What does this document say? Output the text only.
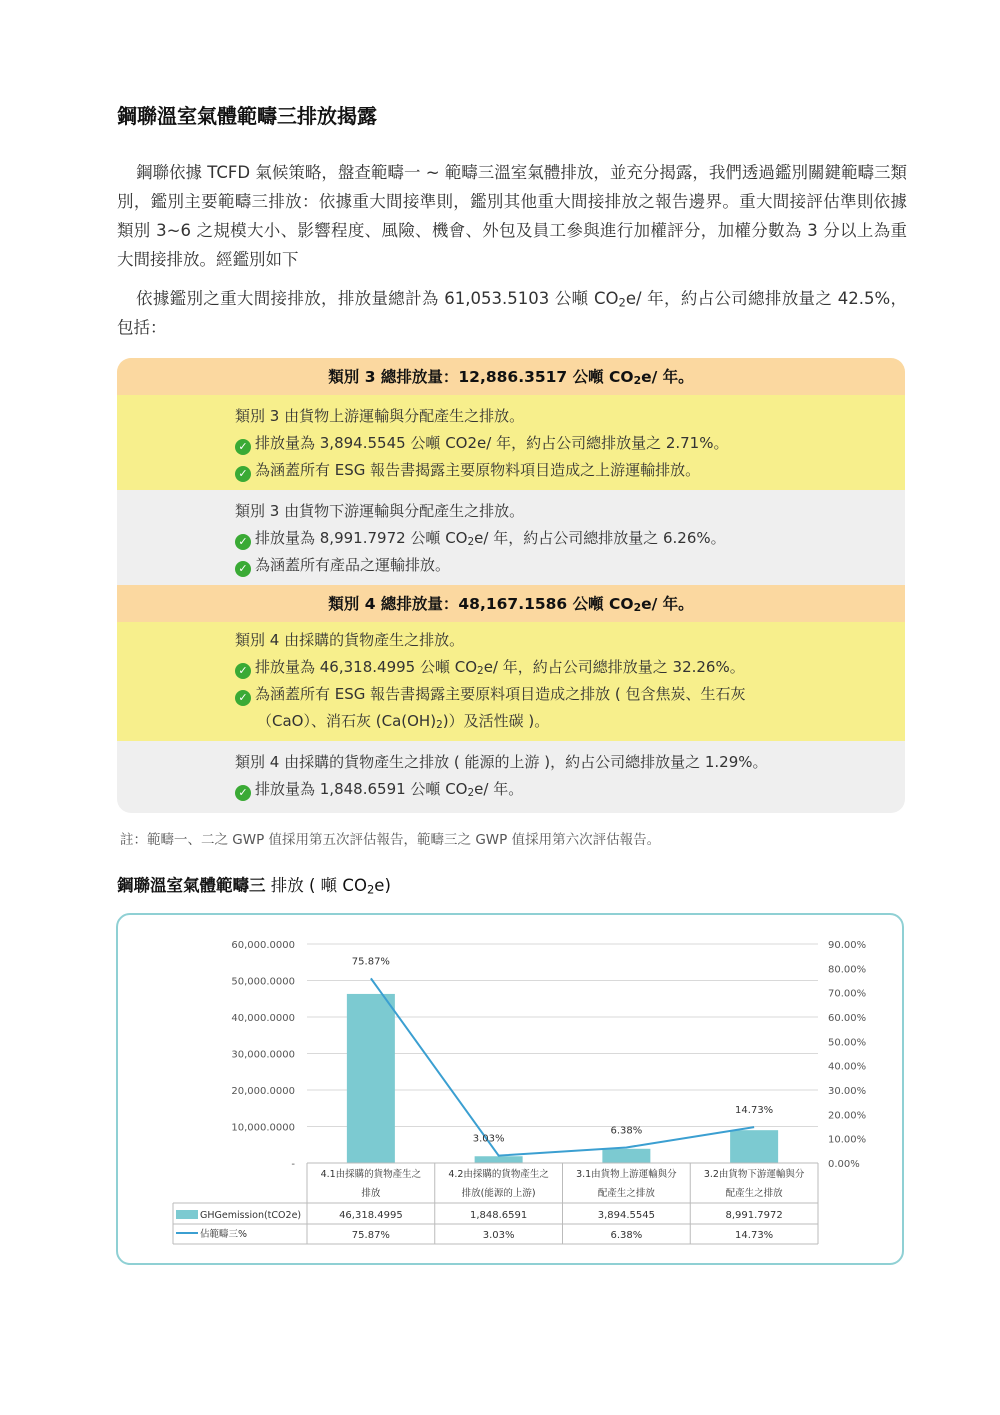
鋼聯溫室氣體範疇三排放揭露
鋼聯依據 TCFD 氣候策略，盤查範疇一 ~ 範疇三溫室氣體排放，並充分揭露，我們透過鑑別關鍵範疇三類別，鑑別主要範疇三排放：依據重大間接準則，鑑別其他重大間接排放之報告邊界。重大間接評估準則依據類別 3~6 之規模大小、影響程度、風險、機會、外包及員工參與進行加權評分，加權分數為 3 分以上為重大間接排放。經鑑別如下
依據鑑別之重大間接排放，排放量總計為 61,053.5103 公噸 $CO_2e/$ 年，約占公司總排放量之 42.5%，包括：
類別 3 總排放量：12,886.3517 公噸 $CO_2e/$ 年。
類別 3 由貨物上游運輸與分配產生之排放。
✓ 排放量為 3,894.5545 公噸 CO2e/ 年，約占公司總排放量之 2.71%。
✓ 為涵蓋所有 ESG 報告書揭露主要原物料項目造成之上游運輸排放。
類別 3 由貨物下游運輸與分配產生之排放。
✓ 排放量為 8,991.7972 公噸 $CO_2e/$ 年，約占公司總排放量之 6.26%。
✓ 為涵蓋所有產品之運輸排放。
類別 4 總排放量：48,167.1586 公噸 $CO_2e/$ 年。
類別 4 由採購的貨物產生之排放。
✓ 排放量為 46,318.4995 公噸 $CO_2e/$ 年，約占公司總排放量之 32.26%。
✓ 為涵蓋所有 ESG 報告書揭露主要原料項目造成之排放 ( 包含焦炭、生石灰
（CaO）、消石灰 $(Ca(OH)_2)$）及活性碳 )。
類別 4 由採購的貨物產生之排放 ( 能源的上游 )，約占公司總排放量之 1.29%。
✓ 排放量為 1,848.6591 公噸 $CO_2e/$ 年。
註：範疇一、二之 GWP 值採用第五次評估報告，範疇三之 GWP 值採用第六次評估報告。
鋼聯溫室氣體範疇三 排放 ( 噸 $CO_2e$)
-
10,000.0000
20,000.0000
30,000.0000
40,000.0000
50,000.0000
60,000.0000
0.00%
10.00%
20.00%
30.00%
40.00%
50.00%
60.00%
70.00%
80.00%
90.00%
75.87%
3.03%
6.38%
14.73%
4.1由採購的貨物產生之
排放
46,318.4995
75.87%
4.2由採購的貨物產生之
排放(能源的上游)
1,848.6591
3.03%
3.1由貨物上游運輸與分
配產生之排放
3,894.5545
6.38%
3.2由貨物下游運輸與分
配產生之排放
8,991.7972
14.73%
GHGemission(tCO2e)
佔範疇三%
